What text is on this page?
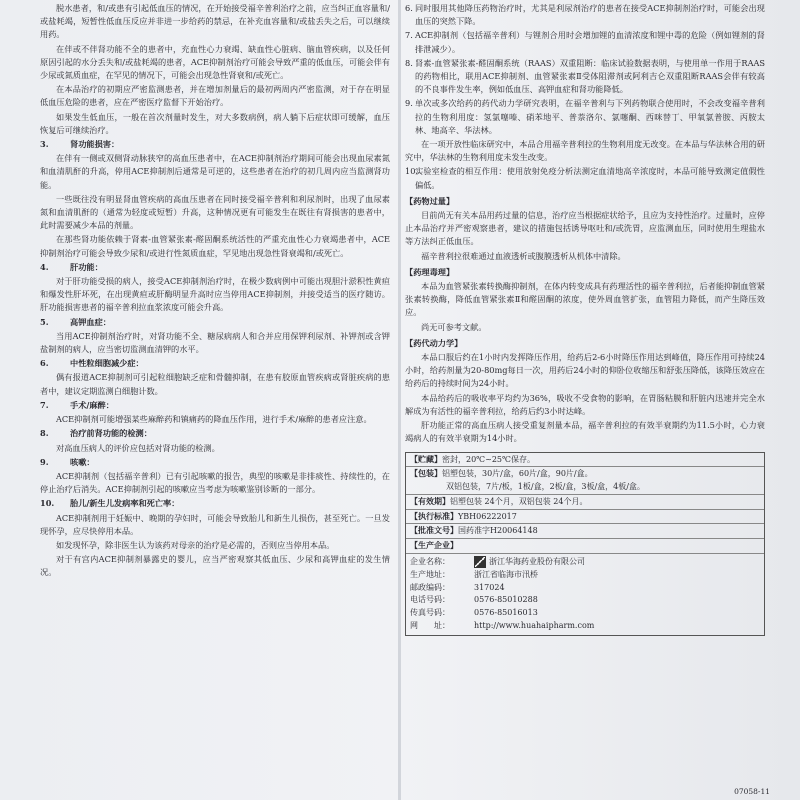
脱水患者，和/或患有引起低血压的情况，在开始接受福辛普利治疗之前，应当纠正血容量和/或盐耗竭，短暂性低血压反应并非进一步给药的禁忌，在补充血容量和/或盐丢失之后，可以继续用药。

在伴或不伴肾功能不全的患者中，充血性心力衰竭、缺血性心脏病、脑血管疾病，以及任何原因引起的水分丢失和/或盐耗竭的患者，ACE抑制剂治疗可能会导致严重的低血压，可能会伴有少尿或氮质血症，在罕见的情况下，可能会出现急性肾衰和/或死亡。

在本品治疗的初期应严密监测患者，并在增加剂量后的最初两周内严密监测，对于存在明显低血压危险的患者，应在严密医疗监督下开始治疗。

如果发生低血压，一般在首次剂量时发生，对大多数病例，病人躺下后症状即可缓解，血压恢复后可继续治疗。

3.	肾功能损害：

在伴有一侧或双侧肾动脉狭窄的高血压患者中，在ACE抑制剂治疗期间可能会出现血尿素氮和血清肌酐的升高，停用ACE抑制剂后通常是可逆的，这些患者在治疗的初几周内应当监测肾功能。

一些既往没有明显肾血管疾病的高血压患者在同时接受福辛普利和利尿剂时，出现了血尿素氮和血清肌酐的（通常为轻度或短暂）升高，这种情况更有可能发生在既往有肾损害的患者中，此时需要减少本品的剂量。

在那些肾功能依赖于肾素-血管紧张素-醛固酮系统活性的严重充血性心力衰竭患者中，ACE抑制剂治疗可能会导致少尿和/或进行性氮质血症，罕见地出现急性肾衰竭和/或死亡。

4.	肝功能：

对于肝功能受损的病人，接受ACE抑制剂治疗时，在极少数病例中可能出现胆汁淤积性黄疸和爆发性肝坏死，在出现黄疸或肝酶明显升高时应当停用ACE抑制剂，并接受适当的医疗随访。肝功能损害患者的福辛普利拉血浆浓度可能会升高。

5.	高钾血症：

当用ACE抑制剂治疗时，对肾功能不全、糖尿病病人和合并应用保钾利尿剂、补钾剂或含钾盐制剂的病人，应当密切监测血清钾的水平。

6.	中性粒细胞减少症：

偶有报道ACE抑制剂可引起粒细胞缺乏症和骨髓抑制，在患有胶原血管疾病或肾脏疾病的患者中，建议定期监测白细胞计数。

7.	手术/麻醉：

ACE抑制剂可能增强某些麻醉药和镇痛药的降血压作用，进行手术/麻醉的患者应注意。

8.	治疗前肾功能的检测：

对高血压病人的评价应包括对肾功能的检测。

9.	咳嗽：

ACE抑制剂（包括福辛普利）已有引起咳嗽的报告，典型的咳嗽是非排痰性、持续性的，在停止治疗后消失。ACE抑制剂引起的咳嗽应当考虑为咳嗽鉴别诊断的一部分。

10. 胎儿/新生儿发病率和死亡率：

ACE抑制剂用于妊娠中、晚期的孕妇时，可能会导致胎儿和新生儿损伤，甚至死亡。一旦发现怀孕，应尽快停用本品。

如发现怀孕，除非医生认为该药对母亲的治疗是必需的，否则应当停用本品。

对于有宫内ACE抑制剂暴露史的婴儿，应当严密观察其低血压、少尿和高钾血症的发生情况。

6. 同时服用其他降压药物治疗时，尤其是利尿剂治疗的患者在接受ACE抑制剂治疗时，可能会出现血压的突然下降。
7. ACE抑制剂（包括福辛普利）与锂剂合用时会增加锂的血清浓度和锂中毒的危险（例如锂剂的肾排泄减少）。
8. 肾素-血管紧张素-醛固酮系统（RAAS）双重阻断：临床试验数据表明，与使用单一作用于RAAS的药物相比，联用ACE抑制剂、血管紧张素Ⅱ受体阻滞剂或阿利吉仑双重阻断RAAS会伴有较高的不良事件发生率，例如低血压、高钾血症和肾功能降低。
9. 单次或多次给药的药代动力学研究表明，在福辛普利与下列药物联合使用时，不会改变福辛普利拉的生物利用度：氢氯噻嗪、硝苯地平、普萘洛尔、氯噻酮、西咪替丁、甲氧氯普胺、丙胺太林、地高辛、华法林。

在一项开放性临床研究中，本品合用福辛普利拉的生物利用度无改变。在本品与华法林合用的研究中，华法林的生物利用度未发生改变。

10.
实验室检查的相互作用：使用放射免疫分析法测定血清地高辛浓度时，本品可能导致测定值假性偏低。
【药物过量】

目前尚无有关本品用药过量的信息，治疗应当根据症状给予，且应为支持性治疗。过量时，应停止本品治疗并严密观察患者，建议的措施包括诱导呕吐和/或洗胃，应监测血压，同时使用生理盐水等方法纠正低血压。

福辛普利拉很难通过血液透析或腹膜透析从机体中清除。

【药理毒理】

本品为血管紧张素转换酶抑制剂，在体内转变成具有药理活性的福辛普利拉，后者能抑制血管紧张素转换酶，降低血管紧张素Ⅱ和醛固酮的浓度，使外周血管扩张，血管阻力降低，而产生降压效应。

尚无可参考文献。

【药代动力学】

本品口服后约在1小时内发挥降压作用，给药后2-6小时降压作用达到峰值，降压作用可持续24小时，给药剂量为20-80mg每日一次，用药后24小时的仰卧位收缩压和舒张压降低，该降压效应在给药后的持续时间为24小时。

本品给药后的吸收率平均约为36%，吸收不受食物的影响，在胃肠粘膜和肝脏内迅速并完全水解成为有活性的福辛普利拉，给药后约3小时达峰。

肝功能正常的高血压病人接受重复剂量本品，福辛普利拉的有效半衰期约为11.5小时，心力衰竭病人的有效半衰期为14小时。

【贮藏】密封，20℃~25℃保存。
【包装】铝塑包装，30片/盒，60片/盒，90片/盒。
双铝包装，7片/板，1板/盒，2板/盒，3板/盒，4板/盒。
【有效期】铝塑包装 24个月，双铝包装 24个月。
【执行标准】YBH06222017
【批准文号】国药准字H20064148
【生产企业】
企业名称：	浙江华海药业股份有限公司
生产地址：	浙江省临海市汛桥
邮政编码：	317024
电话号码：	0576-85010288
传真号码：	0576-85016013
网　　址：	http://www.huahaipharm.com
07058-11
